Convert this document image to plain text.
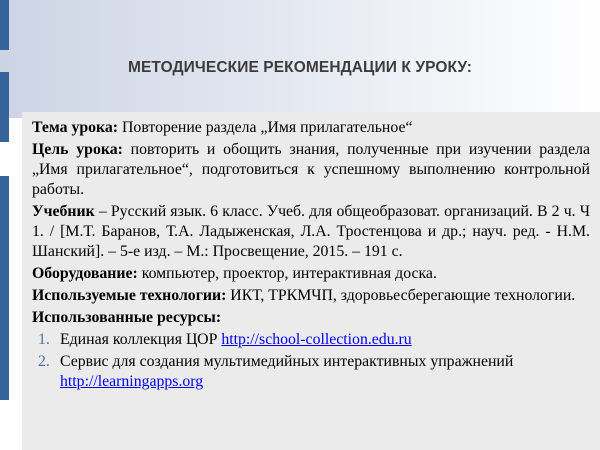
МЕТОДИЧЕСКИЕ РЕКОМЕНДАЦИИ К УРОКУ:

Тема урока: Повторение раздела „Имя прилагательное“

Цель урока: повторить и обощить знания, полученные при изучении раздела „Имя прилагательное“, подготовиться к успешному выполнению контрольной работы.

Учебник – Русский язык. 6 класс. Учеб. для общеобразоват. организаций. В 2 ч. Ч 1. / [М.Т. Баранов, Т.А. Ладыженская, Л.А. Тростенцова и др.; науч. ред. - Н.М. Шанский]. – 5-е изд. – М.: Просвещение, 2015. – 191 с.

Оборудование: компьютер, проектор, интерактивная доска.

Используемые технологии: ИКТ, ТРКМЧП, здоровьесберегающие технологии.

Использованные ресурсы:

1. Единая коллекция ЦОР http://school-collection.edu.ru
2. Сервис для создания мультимедийных интерактивных упражнений http://learningapps.org
